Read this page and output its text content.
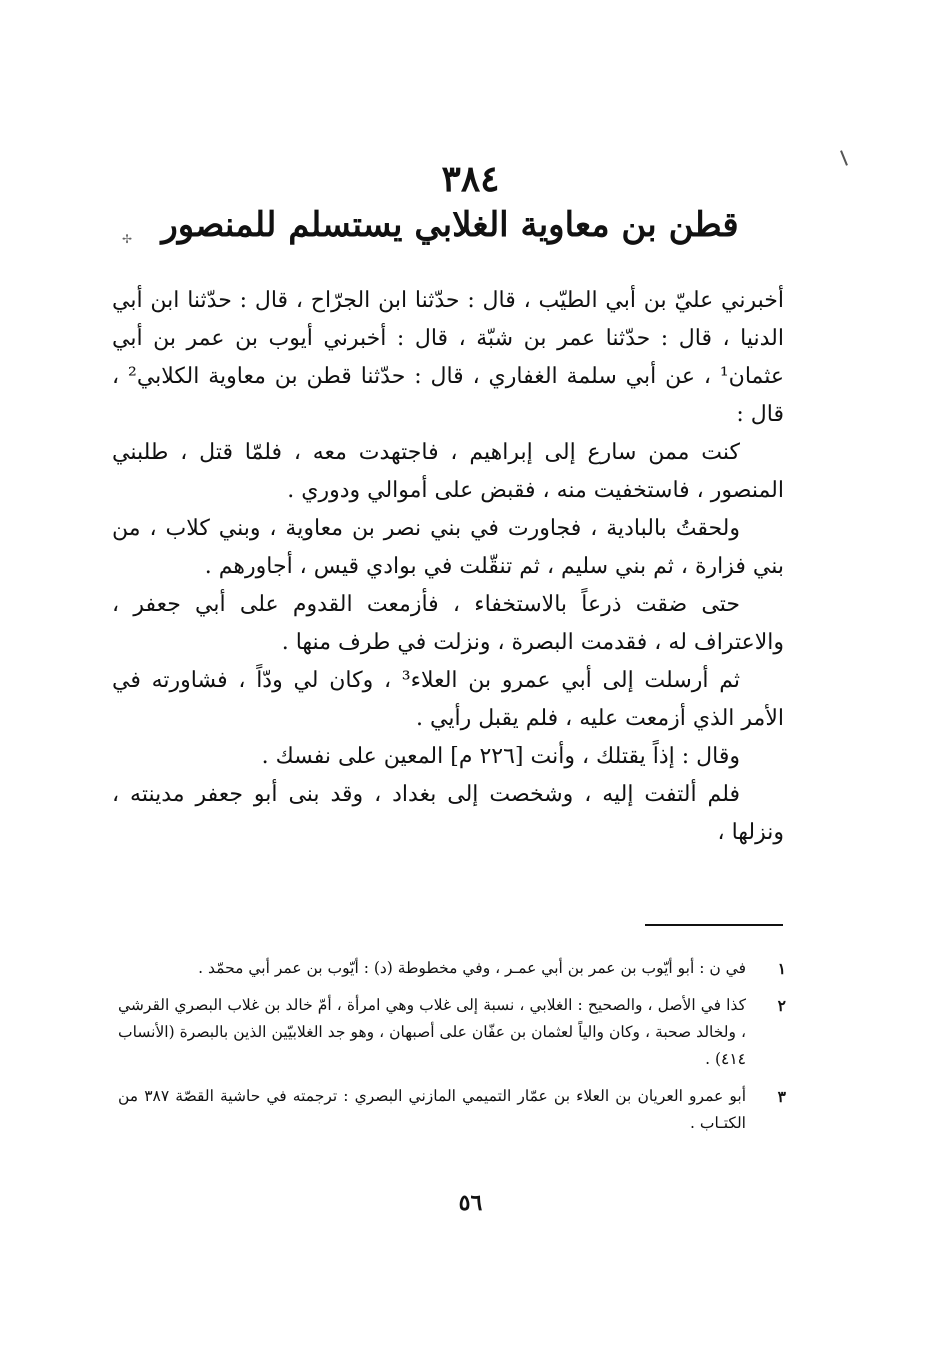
✢
٣٨٤
قطن بن معاوية الغلابي يستسلم للمنصور

أخبرني عليّ بن أبي الطيّب ، قال : حدّثنا ابن الجرّاح ، قال : حدّثنا ابن أبي الدنيا ، قال : حدّثنا عمر بن شبّة ، قال : أخبرني أيوب بن عمر بن أبي عثمان¹ ، عن أبي سلمة الغفاري ، قال : حدّثنا قطن بن معاوية الكلابي² ، قال :

كنت ممن سارع إلى إبراهيم ، فاجتهدت معه ، فلمّا قتل ، طلبني المنصور ، فاستخفيت منه ، فقبض على أموالي ودوري .

ولحقتُ بالبادية ، فجاورت في بني نصر بن معاوية ، وبني كلاب ، من بني فزارة ، ثم بني سليم ، ثم تنقّلت في بوادي قيس ، أجاورهم .

حتى ضقت ذرعاً بالاستخفاء ، فأزمعت القدوم على أبي جعفر ، والاعتراف له ، فقدمت البصرة ، ونزلت في طرف منها .

ثم أرسلت إلى أبي عمرو بن العلاء³ ، وكان لي ودّاً ، فشاورته في الأمر الذي أزمعت عليه ، فلم يقبل رأيي .

وقال : إذاً يقتلك ، وأنت [٢٢٦ م] المعين على نفسك .

فلم ألتفت إليه ، وشخصت إلى بغداد ، وقد بنى أبو جعفر مدينته ، ونزلها ،

١
في ن : أبو أيّوب بن عمر بن أبي عمـر ، وفي مخطوطة (د) : أيّوب بن عمر أبي محمّد .
٢
كذا في الأصل ، والصحيح : الغلابي ، نسبة إلى غلاب وهي امرأة ، أمّ خالد بن غلاب البصري القرشي ، ولخالد صحبة ، وكان والياً لعثمان بن عفّان على أصبهان ، وهو جد الغلابيّين الذين بالبصرة (الأنساب ٤١٤) .
٣
أبو عمرو العريان بن العلاء بن عمّار التميمي المازني البصري : ترجمته في حاشية القصّة ٣٨٧ من الكتـاب .
٥٦
